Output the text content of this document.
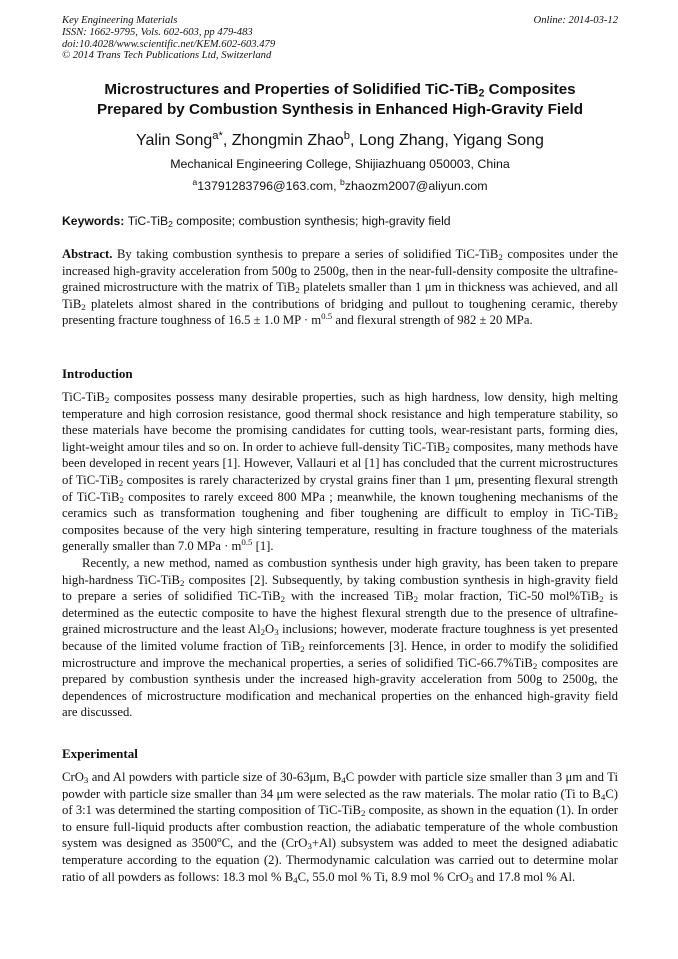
Key Engineering Materials
ISSN: 1662-9795, Vols. 602-603, pp 479-483
doi:10.4028/www.scientific.net/KEM.602-603.479
© 2014 Trans Tech Publications Ltd, Switzerland
Online: 2014-03-12
Microstructures and Properties of Solidified TiC-TiB$_2$ Composites
Prepared by Combustion Synthesis in Enhanced High-Gravity Field
Yalin Song$^{a*}$, Zhongmin Zhao$^b$, Long Zhang, Yigang Song
Mechanical Engineering College, Shijiazhuang 050003, China
$^a$13791283796@163.com, $^b$zhaozm2007@aliyun.com
Keywords: TiC-TiB$_2$ composite; combustion synthesis; high-gravity field

Abstract. By taking combustion synthesis to prepare a series of solidified TiC-TiB$_2$ composites under the increased high-gravity acceleration from 500g to 2500g, then in the near-full-density composite the ultrafine-grained microstructure with the matrix of TiB$_2$ platelets smaller than 1 μm in thickness was achieved, and all TiB$_2$ platelets almost shared in the contributions of bridging and pullout to toughening ceramic, thereby presenting fracture toughness of 16.5 ± 1.0 MP · $m^{0.5}$ and flexural strength of 982 ± 20 MPa.

Introduction

TiC-TiB$_2$ composites possess many desirable properties, such as high hardness, low density, high melting temperature and high corrosion resistance, good thermal shock resistance and high temperature stability, so these materials have become the promising candidates for cutting tools, wear-resistant parts, forming dies, light-weight amour tiles and so on. In order to achieve full-density TiC-TiB$_2$ composites, many methods have been developed in recent years [1]. However, Vallauri et al [1] has concluded that the current microstructures of TiC-TiB$_2$ composites is rarely characterized by crystal grains finer than 1 μm, presenting flexural strength of TiC-TiB$_2$ composites to rarely exceed 800 MPa ; meanwhile, the known toughening mechanisms of the ceramics such as transformation toughening and fiber toughening are difficult to employ in TiC-TiB$_2$ composites because of the very high sintering temperature, resulting in fracture toughness of the materials generally smaller than 7.0 MPa · $m^{0.5}$ [1].

Recently, a new method, named as combustion synthesis under high gravity, has been taken to prepare high-hardness TiC-TiB$_2$ composites [2]. Subsequently, by taking combustion synthesis in high-gravity field to prepare a series of solidified TiC-TiB$_2$ with the increased TiB$_2$ molar fraction, TiC-50 mol%TiB$_2$ is determined as the eutectic composite to have the highest flexural strength due to the presence of ultrafine-grained microstructure and the least $Al_2O_3$ inclusions; however, moderate fracture toughness is yet presented because of the limited volume fraction of TiB$_2$ reinforcements [3]. Hence, in order to modify the solidified microstructure and improve the mechanical properties, a series of solidified TiC-66.7%TiB$_2$ composites are prepared by combustion synthesis under the increased high-gravity acceleration from 500g to 2500g, the dependences of microstructure modification and mechanical properties on the enhanced high-gravity field are discussed.

Experimental

CrO$_3$ and Al powders with particle size of 30-63μm, $B_4C$ powder with particle size smaller than 3 μm and Ti powder with particle size smaller than 34 μm were selected as the raw materials. The molar ratio (Ti to $B_4C$) of 3:1 was determined the starting composition of TiC-TiB$_2$ composite, as shown in the equation (1). In order to ensure full-liquid products after combustion reaction, the adiabatic temperature of the whole combustion system was designed as 3500$^o$C, and the (CrO$_3$+Al) subsystem was added to meet the designed adiabatic temperature according to the equation (2). Thermodynamic calculation was carried out to determine molar ratio of all powders as follows: 18.3 mol % $B_4C$, 55.0 mol % Ti, 8.9 mol % CrO$_3$ and 17.8 mol % Al.
